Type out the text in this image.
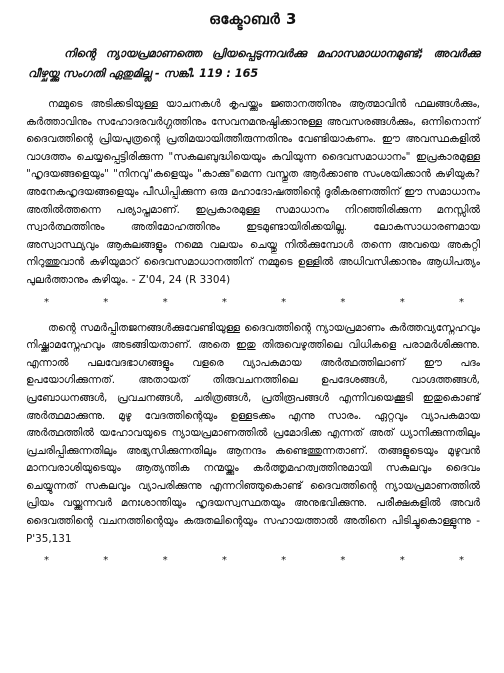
ഒക്ടോബർ 3
നിന്റെ ന്യായപ്രമാണത്തെ പ്രിയപ്പെടുന്നവർക്കു മഹാസമാധാനമുണ്ട്; അവർക്കു വീഴ്ചയ്ക്കു സംഗതി ഏതുമില്ല - സങ്കീ. 119 : 165
നമ്മുടെ അടിക്കടിയുള്ള യാചനകൾ കൃപയ്ക്കും ജ്ഞാനത്തിനും ആത്മാവിൻ ഫലങ്ങൾക്കും, കർത്താവിനും സഹോദരവർഗ്ഗത്തിനും സേവനമനുഷ്ഠിക്കാനുള്ള അവസരങ്ങൾക്കും, ഒന്നിനൊന്ന് ദൈവത്തിന്റെ പ്രിയപുത്രന്റെ പ്രതിമയായിത്തീരുന്നതിനും വേണ്ടിയാകണം. ഈ അവസ്ഥകളിൽ വാഗ്ദത്തം ചെയ്യപ്പെട്ടിരിക്കുന്ന "സകലബുദ്ധിയെയും കവിയുന്ന ദൈവസമാധാനം" ഇപ്രകാരമുള്ള "ഹൃദയങ്ങളെയും" "നിനവു"കളെയും "കാക്കു"മെന്ന വസ്തുത ആർക്കാണു സംശയിക്കാൻ കഴിയുക? അനേകഹൃദയങ്ങളെയും പീഡിപ്പിക്കുന്ന ഒരു മഹാദോഷത്തിന്റെ ദൂരീകരണത്തിന് ഈ സമാധാനം അതിൽത്തന്നെ പര്യാപ്തമാണ്. ഇപ്രകാരമുള്ള സമാധാനം നിറഞ്ഞിരിക്കുന്ന മനസ്സിൽ സ്വാർത്ഥത്തിനും അതിമോഹത്തിനും ഇടമുണ്ടായിരിക്കയില്ല. ലോകസാധാരണമായ അസ്വാസ്ഥ്യവും ആകുലങ്ങളും നമ്മെ വലയം ചെയ്തു നിൽക്കുമ്പോൾ തന്നെ അവയെ അകറ്റി നിറുത്തുവാൻ കഴിയുമാറ് ദൈവസമാധാനത്തിന് നമ്മുടെ ഉള്ളിൽ അധിവസിക്കാനും ആധിപത്യം പുലർത്താനും കഴിയും. - Z'04, 24 (R 3304)
*	*	*	*	*	*	*	*
തന്റെ സമർപ്പിതജനങ്ങൾക്കുവേണ്ടിയുള്ള ദൈവത്തിന്റെ ന്യായപ്രമാണം കർത്തവ്യസ്നേഹവും നിഷ്ക്കാമസ്നേഹവും അടങ്ങിയതാണ്. അതെ ഇതു തിരുവെഴുത്തിലെ വിധികളെ പരാമർശിക്കുന്നു. എന്നാൽ പലവേദഭാഗങ്ങളും വളരെ വ്യാപകമായ അർത്ഥത്തിലാണ് ഈ പദം ഉപയോഗിക്കുന്നത്. അതായത് തിരുവചനത്തിലെ ഉപദേശങ്ങൾ, വാഗ്ദത്തങ്ങൾ, പ്രബോധനങ്ങൾ, പ്രവചനങ്ങൾ, ചരിത്രങ്ങൾ, പ്രതിരൂപങ്ങൾ എന്നിവയെക്കൂടി ഇതുകൊണ്ട് അർത്ഥമാക്കുന്നു. മുഴു വേദത്തിന്റെയും ഉള്ളടക്കം എന്നു സാരം. ഏറ്റവും വ്യാപകമായ അർത്ഥത്തിൽ യഹോവയുടെ ന്യായപ്രമാണത്തിൽ പ്രമോദിക്ക എന്നത് അത് ധ്യാനിക്കുന്നതിലും പ്രചരിപ്പിക്കുന്നതിലും അഭ്യസിക്കുന്നതിലും ആനന്ദം കണ്ടെത്തുന്നതാണ്. തങ്ങളുടെയും മുഴുവൻ മാനവരാശിയുടെയും ആത്യന്തിക നന്മയ്ക്കും കർത്തൃമഹത്വത്തിനുമായി സകലവും ദൈവം ചെയ്യുന്നത് സകലവും വ്യാപരിക്കുന്നു എന്നറിഞ്ഞുകൊണ്ട് ദൈവത്തിന്റെ ന്യായപ്രമാണത്തിൽ പ്രിയം വയ്ക്കുന്നവർ മനഃശാന്തിയും ഹൃദയസ്വസ്ഥതയും അനുഭവിക്കുന്നു. പരീക്ഷകളിൽ അവർ ദൈവത്തിന്റെ വചനത്തിന്റെയും കരുതലിന്റെയും സഹായത്താൽ അതിനെ പിടിച്ചുകൊള്ളുന്നു - P'35,131
*	*	*	*	*	*	*	*
